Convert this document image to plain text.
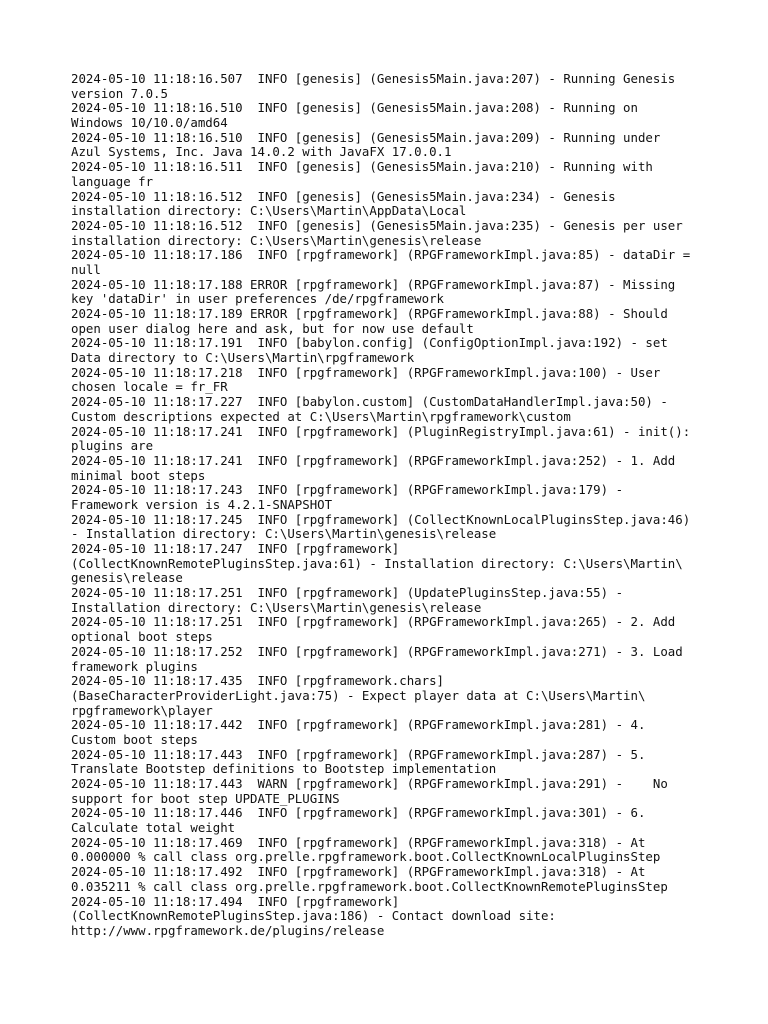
2024-05-10 11:18:16.507  INFO [genesis] (Genesis5Main.java:207) - Running Genesis
version 7.0.5
2024-05-10 11:18:16.510  INFO [genesis] (Genesis5Main.java:208) - Running on
Windows 10/10.0/amd64
2024-05-10 11:18:16.510  INFO [genesis] (Genesis5Main.java:209) - Running under
Azul Systems, Inc. Java 14.0.2 with JavaFX 17.0.0.1
2024-05-10 11:18:16.511  INFO [genesis] (Genesis5Main.java:210) - Running with
language fr
2024-05-10 11:18:16.512  INFO [genesis] (Genesis5Main.java:234) - Genesis
installation directory: C:\Users\Martin\AppData\Local
2024-05-10 11:18:16.512  INFO [genesis] (Genesis5Main.java:235) - Genesis per user
installation directory: C:\Users\Martin\genesis\release
2024-05-10 11:18:17.186  INFO [rpgframework] (RPGFrameworkImpl.java:85) - dataDir =
null
2024-05-10 11:18:17.188 ERROR [rpgframework] (RPGFrameworkImpl.java:87) - Missing
key 'dataDir' in user preferences /de/rpgframework
2024-05-10 11:18:17.189 ERROR [rpgframework] (RPGFrameworkImpl.java:88) - Should
open user dialog here and ask, but for now use default
2024-05-10 11:18:17.191  INFO [babylon.config] (ConfigOptionImpl.java:192) - set
Data directory to C:\Users\Martin\rpgframework
2024-05-10 11:18:17.218  INFO [rpgframework] (RPGFrameworkImpl.java:100) - User
chosen locale = fr_FR
2024-05-10 11:18:17.227  INFO [babylon.custom] (CustomDataHandlerImpl.java:50) -
Custom descriptions expected at C:\Users\Martin\rpgframework\custom
2024-05-10 11:18:17.241  INFO [rpgframework] (PluginRegistryImpl.java:61) - init():
plugins are
2024-05-10 11:18:17.241  INFO [rpgframework] (RPGFrameworkImpl.java:252) - 1. Add
minimal boot steps
2024-05-10 11:18:17.243  INFO [rpgframework] (RPGFrameworkImpl.java:179) -
Framework version is 4.2.1-SNAPSHOT
2024-05-10 11:18:17.245  INFO [rpgframework] (CollectKnownLocalPluginsStep.java:46)
- Installation directory: C:\Users\Martin\genesis\release
2024-05-10 11:18:17.247  INFO [rpgframework]
(CollectKnownRemotePluginsStep.java:61) - Installation directory: C:\Users\Martin\
genesis\release
2024-05-10 11:18:17.251  INFO [rpgframework] (UpdatePluginsStep.java:55) -
Installation directory: C:\Users\Martin\genesis\release
2024-05-10 11:18:17.251  INFO [rpgframework] (RPGFrameworkImpl.java:265) - 2. Add
optional boot steps
2024-05-10 11:18:17.252  INFO [rpgframework] (RPGFrameworkImpl.java:271) - 3. Load
framework plugins
2024-05-10 11:18:17.435  INFO [rpgframework.chars]
(BaseCharacterProviderLight.java:75) - Expect player data at C:\Users\Martin\
rpgframework\player
2024-05-10 11:18:17.442  INFO [rpgframework] (RPGFrameworkImpl.java:281) - 4.
Custom boot steps
2024-05-10 11:18:17.443  INFO [rpgframework] (RPGFrameworkImpl.java:287) - 5.
Translate Bootstep definitions to Bootstep implementation
2024-05-10 11:18:17.443  WARN [rpgframework] (RPGFrameworkImpl.java:291) -    No
support for boot step UPDATE_PLUGINS
2024-05-10 11:18:17.446  INFO [rpgframework] (RPGFrameworkImpl.java:301) - 6.
Calculate total weight
2024-05-10 11:18:17.469  INFO [rpgframework] (RPGFrameworkImpl.java:318) - At
0.000000 % call class org.prelle.rpgframework.boot.CollectKnownLocalPluginsStep
2024-05-10 11:18:17.492  INFO [rpgframework] (RPGFrameworkImpl.java:318) - At
0.035211 % call class org.prelle.rpgframework.boot.CollectKnownRemotePluginsStep
2024-05-10 11:18:17.494  INFO [rpgframework]
(CollectKnownRemotePluginsStep.java:186) - Contact download site:
http://www.rpgframework.de/plugins/release
